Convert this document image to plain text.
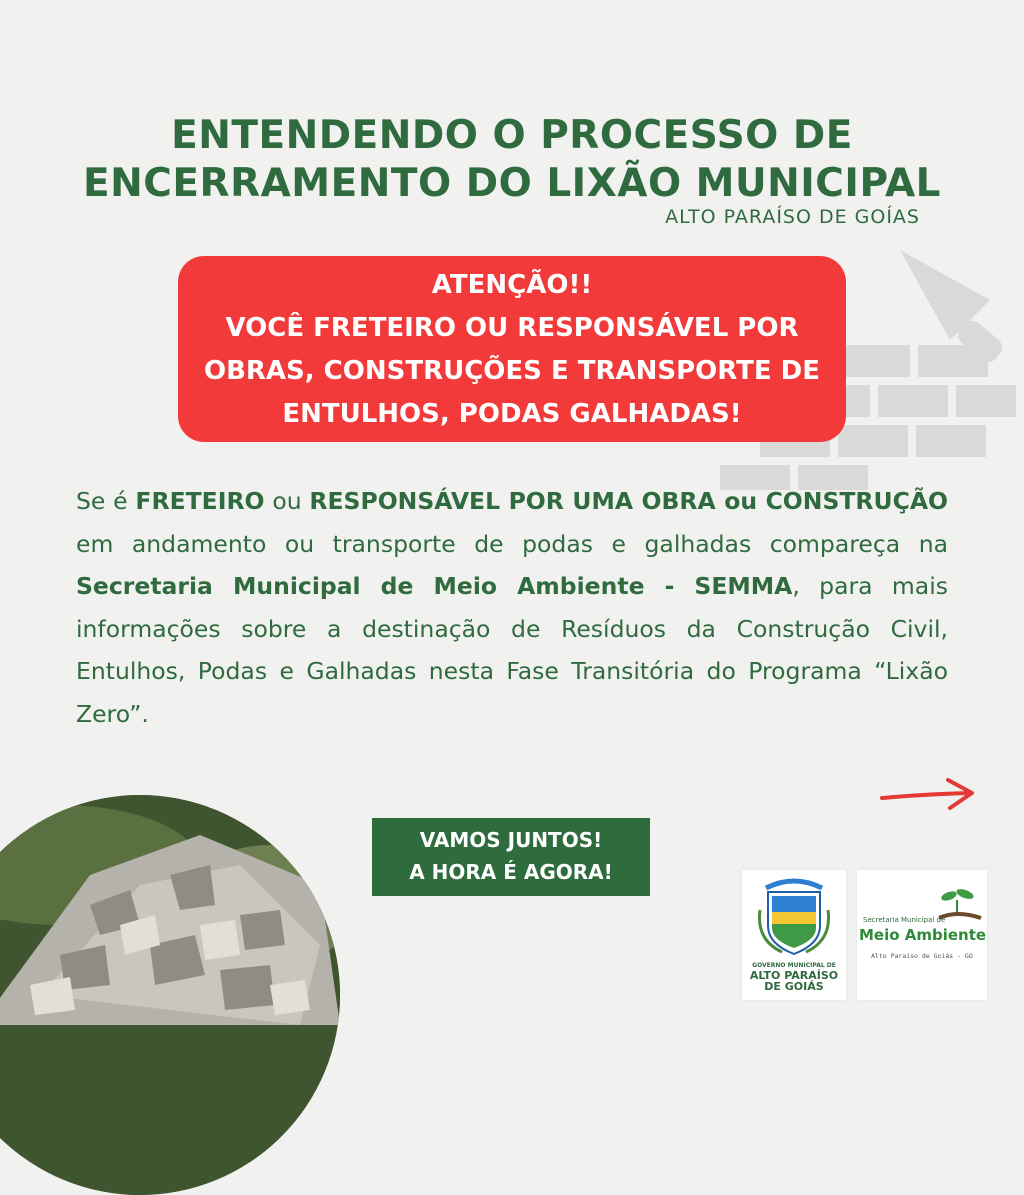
ENTENDENDO O PROCESSO DE
ENCERRAMENTO DO LIXÃO MUNICIPAL
ALTO PARAÍSO DE GOÍAS
ATENÇÃO!!
VOCÊ FRETEIRO OU RESPONSÁVEL POR
OBRAS, CONSTRUÇÕES E TRANSPORTE DE
ENTULHOS, PODAS GALHADAS!
Se é FRETEIRO ou RESPONSÁVEL POR UMA OBRA ou CONSTRUÇÃO em andamento ou transporte de podas e galhadas compareça na Secretaria Municipal de Meio Ambiente - SEMMA, para mais informações sobre a destinação de Resíduos da Construção Civil, Entulhos, Podas e Galhadas nesta Fase Transitória do Programa “Lixão Zero”.
VAMOS JUNTOS!
A HORA É AGORA!
GOVERNO MUNICIPAL DE
ALTO PARAÍSO
DE GOIÁS
Secretaria Municipal de
Meio Ambiente
Alto Paraíso de Goiás - GO
